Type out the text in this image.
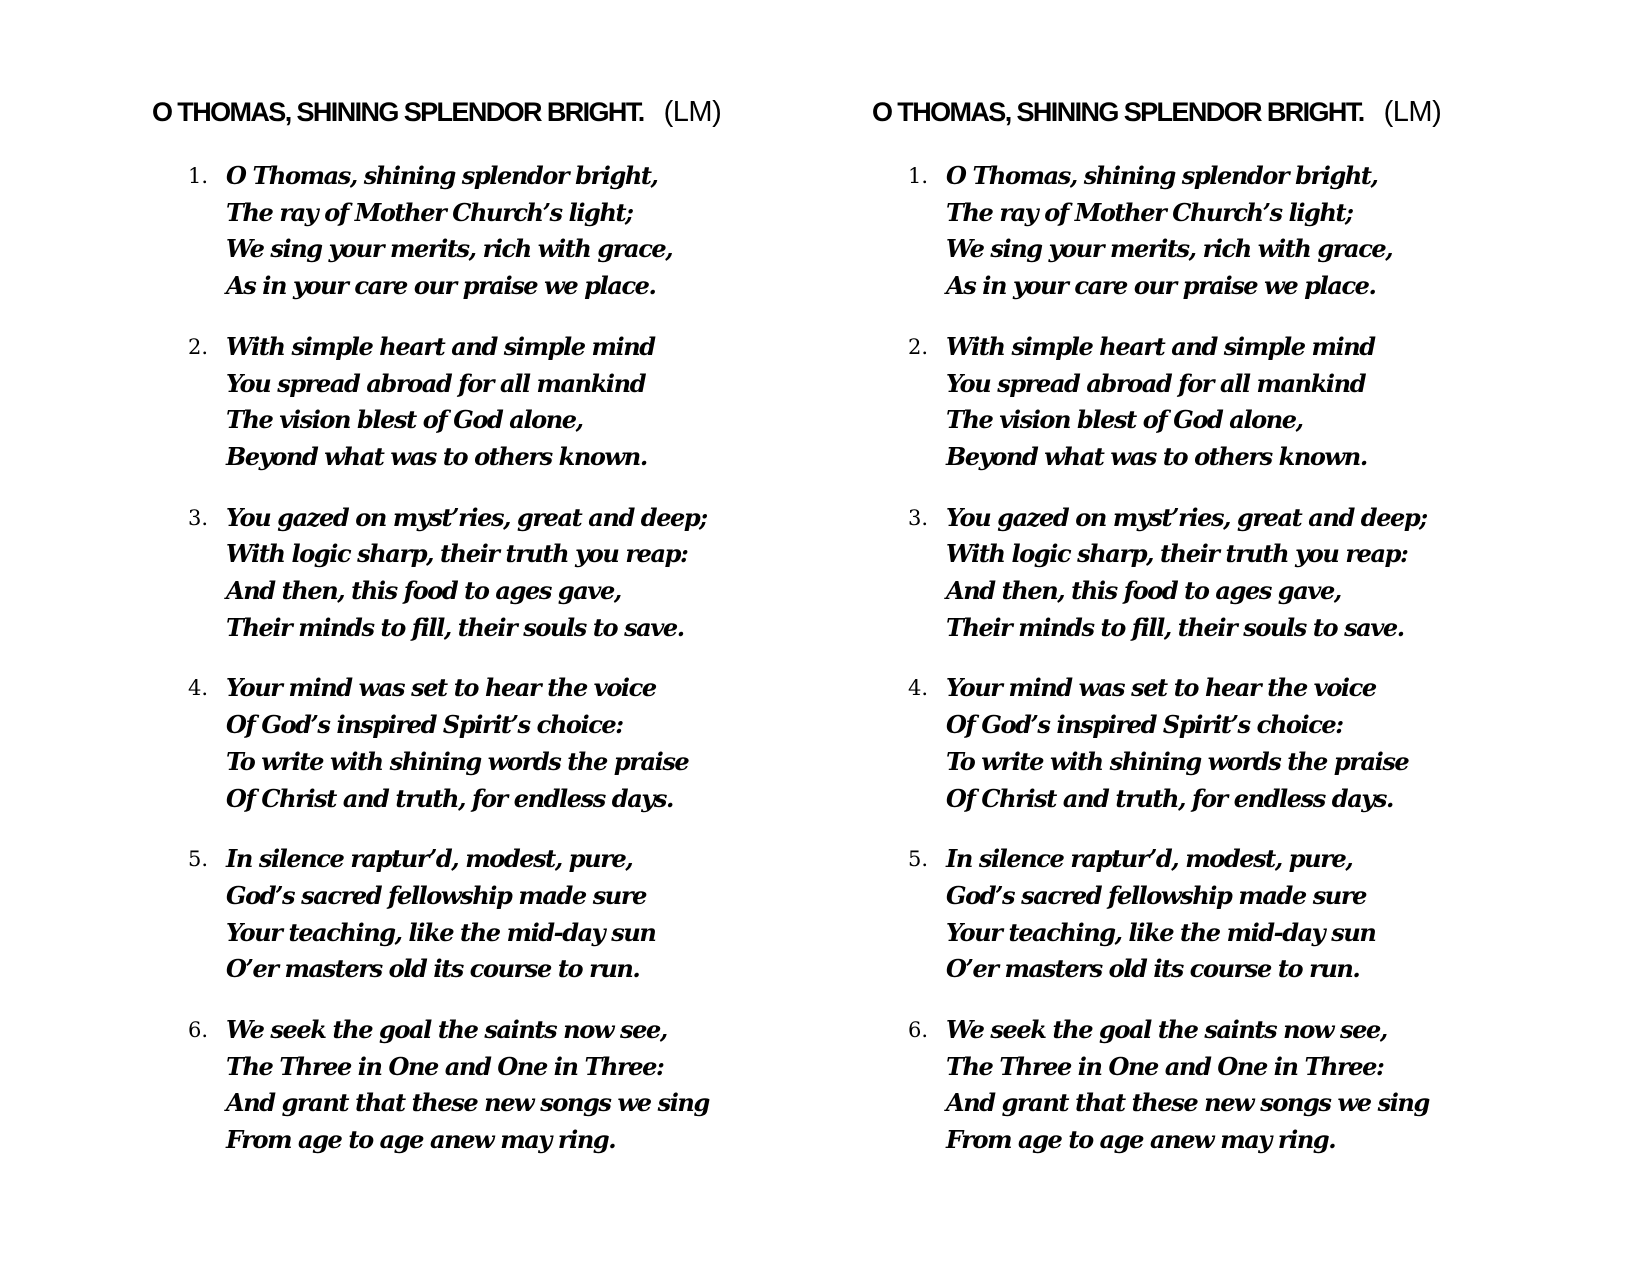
O THOMAS, SHINING SPLENDOR BRIGHT. (LM)
1. O Thomas, shining splendor bright,
The ray of Mother Church’s light;
We sing your merits, rich with grace,
As in your care our praise we place.
2. With simple heart and simple mind
You spread abroad for all mankind
The vision blest of God alone,
Beyond what was to others known.
3. You gazed on myst’ries, great and deep;
With logic sharp, their truth you reap:
And then, this food to ages gave,
Their minds to fill, their souls to save.
4. Your mind was set to hear the voice
Of God’s inspired Spirit’s choice:
To write with shining words the praise
Of Christ and truth, for endless days.
5. In silence raptur’d, modest, pure,
God’s sacred fellowship made sure
Your teaching, like the mid-day sun
O’er masters old its course to run.
6. We seek the goal the saints now see,
The Three in One and One in Three:
And grant that these new songs we sing
From age to age anew may ring.
O THOMAS, SHINING SPLENDOR BRIGHT. (LM)
1. O Thomas, shining splendor bright,
The ray of Mother Church’s light;
We sing your merits, rich with grace,
As in your care our praise we place.
2. With simple heart and simple mind
You spread abroad for all mankind
The vision blest of God alone,
Beyond what was to others known.
3. You gazed on myst’ries, great and deep;
With logic sharp, their truth you reap:
And then, this food to ages gave,
Their minds to fill, their souls to save.
4. Your mind was set to hear the voice
Of God’s inspired Spirit’s choice:
To write with shining words the praise
Of Christ and truth, for endless days.
5. In silence raptur’d, modest, pure,
God’s sacred fellowship made sure
Your teaching, like the mid-day sun
O’er masters old its course to run.
6. We seek the goal the saints now see,
The Three in One and One in Three:
And grant that these new songs we sing
From age to age anew may ring.
